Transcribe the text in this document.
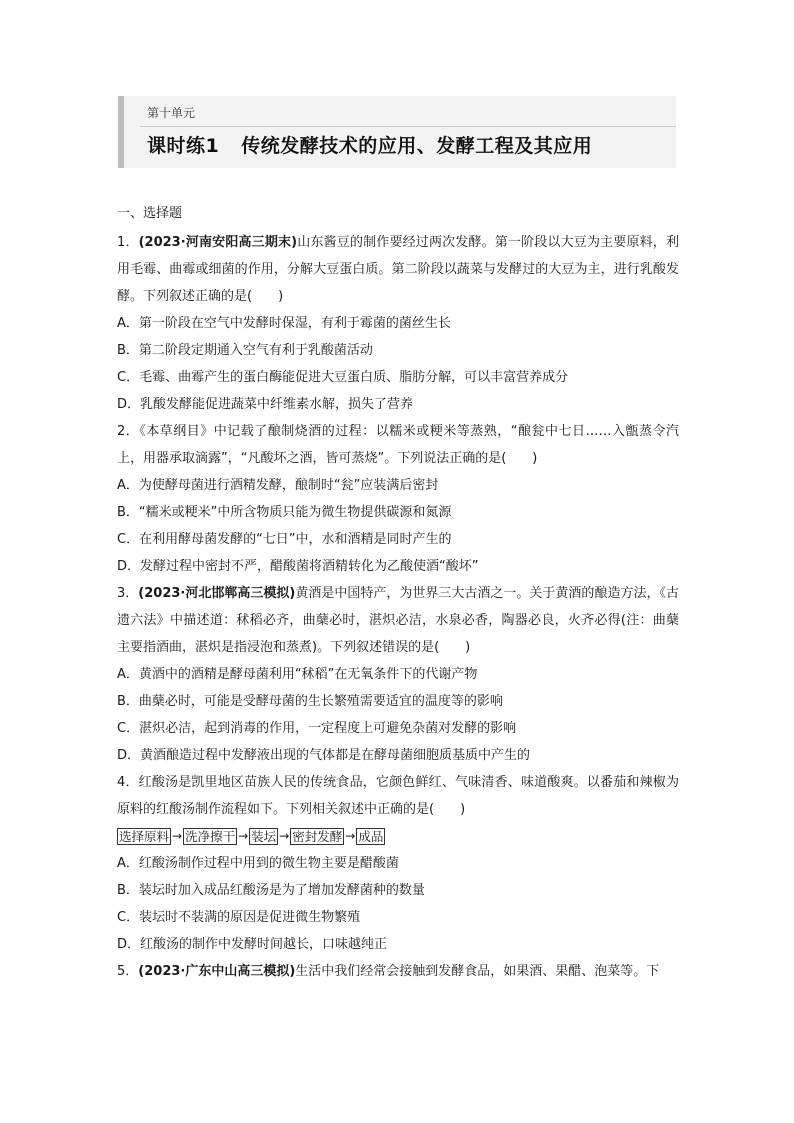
第十单元
课时练1 传统发酵技术的应用、发酵工程及其应用
一、选择题

1．(2023·河南安阳高三期末)山东酱豆的制作要经过两次发酵。第一阶段以大豆为主要原料，利用毛霉、曲霉或细菌的作用，分解大豆蛋白质。第二阶段以蔬菜与发酵过的大豆为主，进行乳酸发酵。下列叙述正确的是(　　)

A．第一阶段在空气中发酵时保湿，有利于霉菌的菌丝生长

B．第二阶段定期通入空气有利于乳酸菌活动

C．毛霉、曲霉产生的蛋白酶能促进大豆蛋白质、脂肪分解，可以丰富营养成分

D．乳酸发酵能促进蔬菜中纤维素水解，损失了营养

2．《本草纲目》中记载了酿制烧酒的过程：以糯米或粳米等蒸熟，“酿瓮中七日……入甑蒸令汽上，用器承取滴露”，“凡酸坏之酒，皆可蒸烧”。下列说法正确的是(　　)

A．为使酵母菌进行酒精发酵，酿制时“瓮”应装满后密封

B．“糯米或粳米”中所含物质只能为微生物提供碳源和氮源

C．在利用酵母菌发酵的“七日”中，水和酒精是同时产生的

D．发酵过程中密封不严，醋酸菌将酒精转化为乙酸使酒“酸坏”

3．(2023·河北邯郸高三模拟)黄酒是中国特产，为世界三大古酒之一。关于黄酒的酿造方法，《古遗六法》中描述道：秫稻必齐，曲蘖必时，湛炽必洁，水泉必香，陶器必良，火齐必得(注：曲蘖主要指酒曲，湛炽是指浸泡和蒸煮)。下列叙述错误的是(　　)

A．黄酒中的酒精是酵母菌利用“秫稻”在无氧条件下的代谢产物

B．曲蘖必时，可能是受酵母菌的生长繁殖需要适宜的温度等的影响

C．湛炽必洁，起到消毒的作用，一定程度上可避免杂菌对发酵的影响

D．黄酒酿造过程中发酵液出现的气体都是在酵母菌细胞质基质中产生的

4．红酸汤是凯里地区苗族人民的传统食品，它颜色鲜红、气味清香、味道酸爽。以番茄和辣椒为原料的红酸汤制作流程如下。下列相关叙述中正确的是(　　)

选择原料 → 洗净擦干 → 装坛 → 密封发酵 → 成品

A．红酸汤制作过程中用到的微生物主要是醋酸菌

B．装坛时加入成品红酸汤是为了增加发酵菌种的数量

C．装坛时不装满的原因是促进微生物繁殖

D．红酸汤的制作中发酵时间越长，口味越纯正

5．(2023·广东中山高三模拟)生活中我们经常会接触到发酵食品，如果酒、果醋、泡菜等。下
